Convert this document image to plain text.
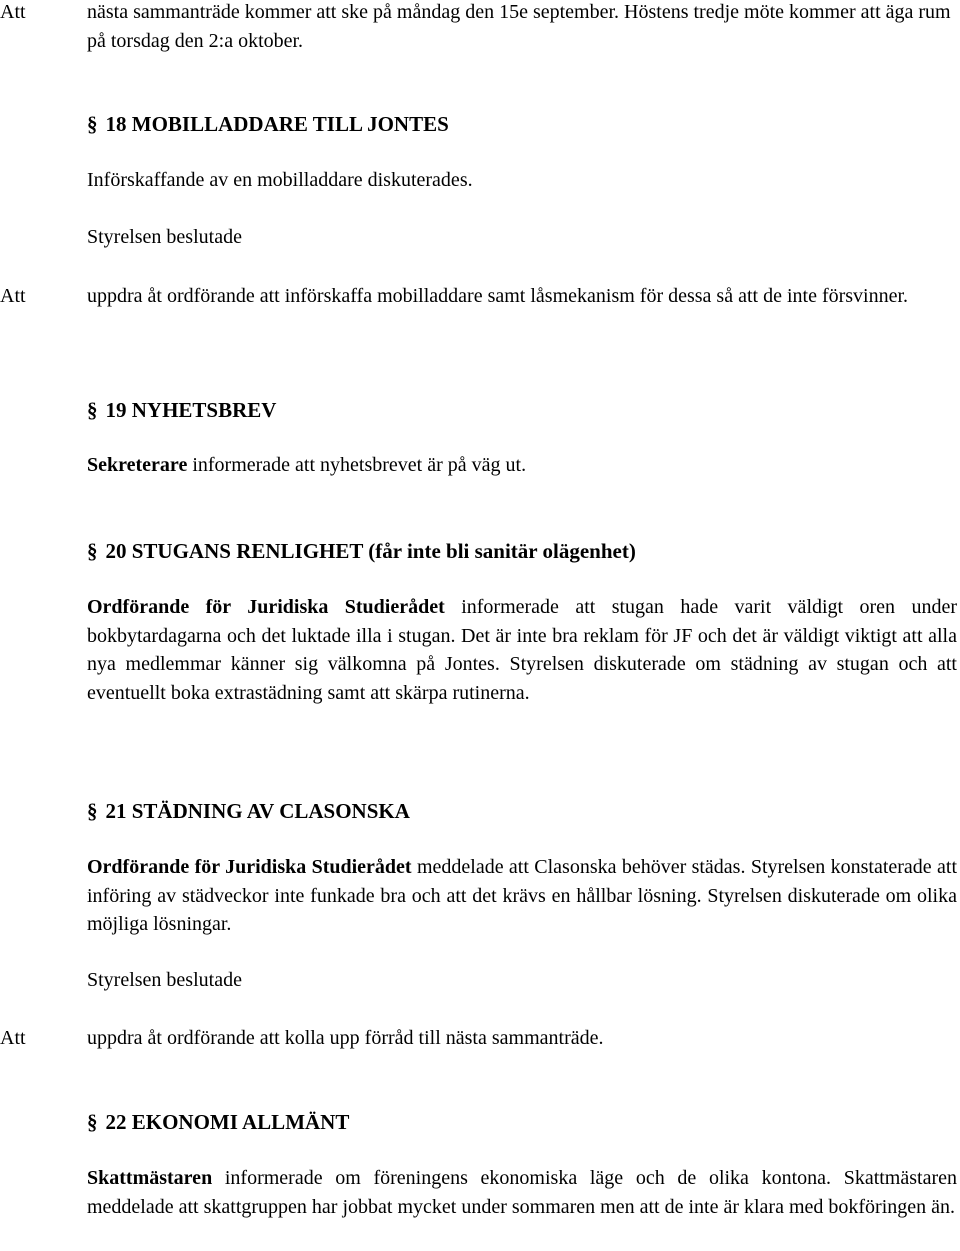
Att	nästa sammanträde kommer att ske på måndag den 15e september. Höstens tredje möte kommer att äga rum på torsdag den 2:a oktober.
§ 18 MOBILLADDARE TILL JONTES
Införskaffande av en mobilladdare diskuterades.
Styrelsen beslutade
Att	uppdra åt ordförande att införskaffa mobilladdare samt låsmekanism för dessa så att de inte försvinner.
§ 19 NYHETSBREV
Sekreterare informerade att nyhetsbrevet är på väg ut.
§ 20 STUGANS RENLIGHET (får inte bli sanitär olägenhet)
Ordförande för Juridiska Studierådet informerade att stugan hade varit väldigt oren under bokbytardagarna och det luktade illa i stugan. Det är inte bra reklam för JF och det är väldigt viktigt att alla nya medlemmar känner sig välkomna på Jontes. Styrelsen diskuterade om städning av stugan och att eventuellt boka extrastädning samt att skärpa rutinerna.
§ 21 STÄDNING AV CLASONSKA
Ordförande för Juridiska Studierådet meddelade att Clasonska behöver städas. Styrelsen konstaterade att införing av städveckor inte funkade bra och att det krävs en hållbar lösning. Styrelsen diskuterade om olika möjliga lösningar.
Styrelsen beslutade
Att	uppdra åt ordförande att kolla upp förråd till nästa sammanträde.
§ 22 EKONOMI ALLMÄNT
Skattmästaren informerade om föreningens ekonomiska läge och de olika kontona. Skattmästaren meddelade att skattgruppen har jobbat mycket under sommaren men att de inte är klara med bokföringen än.
